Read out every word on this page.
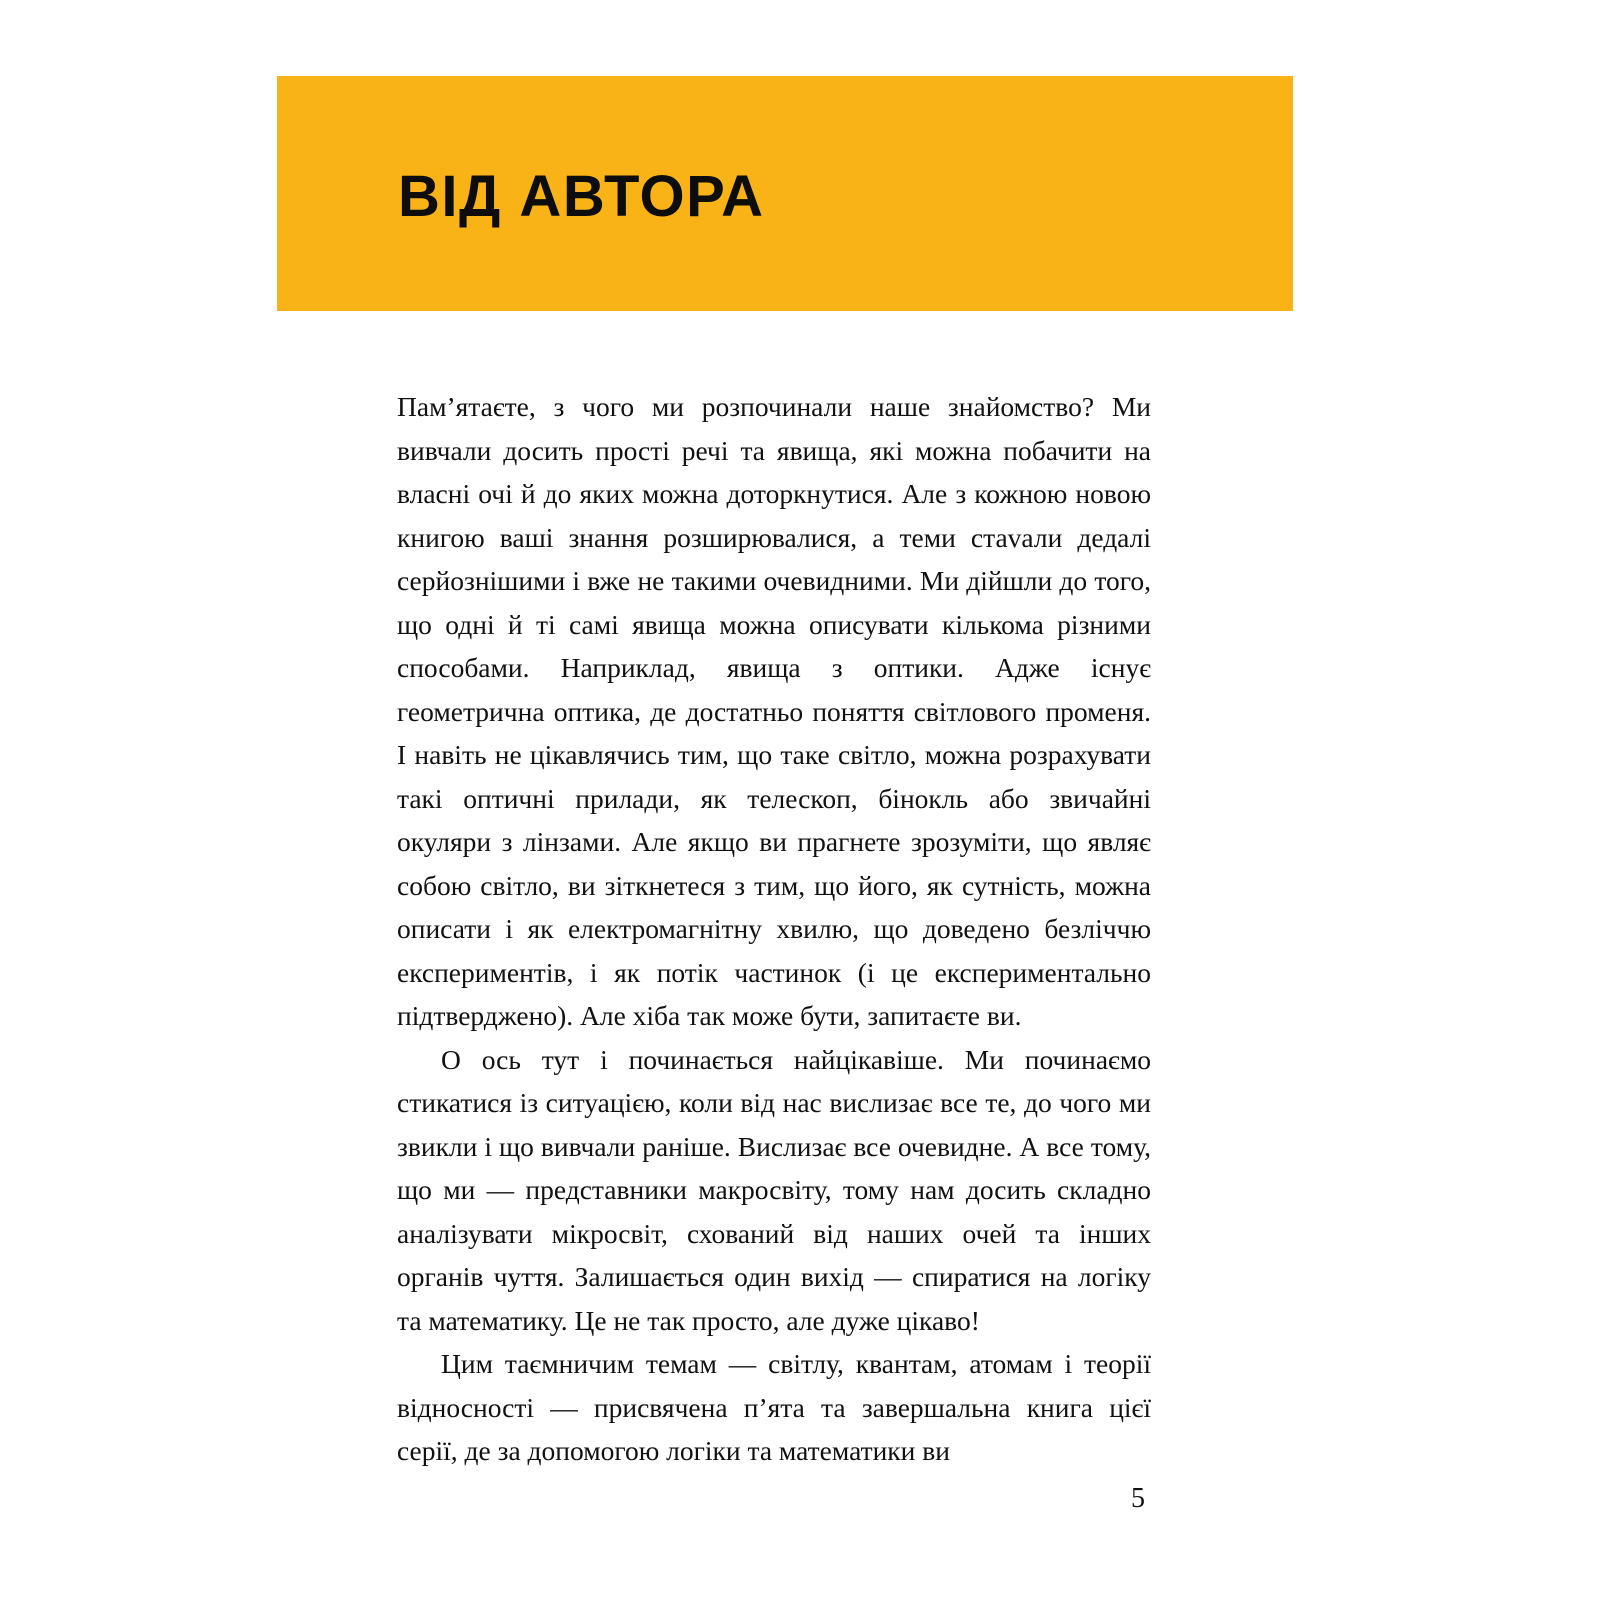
ВІД АВТОРА

Пам’ятаєте, з чого ми розпочинали наше знайомство? Ми вивчали досить прості речі та явища, які можна побачити на власні очі й до яких можна доторкнутися. Але з кожною новою книгою ваші знання розширювалися, а теми стаvали дедалі серйознішими і вже не такими очевидними. Ми дійшли до того, що одні й ті самі явища можна описувати кількома різними способами. Наприклад, явища з оптики. Адже існує геометрична оптика, де достатньо поняття світлового променя. І навіть не цікавлячись тим, що таке світло, можна розрахувати такі оптичні прилади, як телескоп, бінокль або звичайні окуляри з лінзами. Але якщо ви прагнете зрозуміти, що являє собою світло, ви зіткнетеся з тим, що його, як сутність, можна описати і як електромагнітну хвилю, що доведено безліччю експериментів, і як потік частинок (і це експериментально підтверджено). Але хіба так може бути, запитаєте ви.

О ось тут і починається найцікавіше. Ми починаємо стикатися із ситуацією, коли від нас вислизає все те, до чого ми звикли і що вивчали раніше. Вислизає все очевидне. А все тому, що ми — представники макросвіту, тому нам досить складно аналізувати мікросвіт, схований від наших очей та інших органів чуття. Залишається один вихід — спиратися на логіку та математику. Це не так просто, але дуже цікаво!

Цим таємничим темам — світлу, квантам, атомам і теорії відносності — присвячена п’ята та завершальна книга цієї серії, де за допомогою логіки та математики ви

5
